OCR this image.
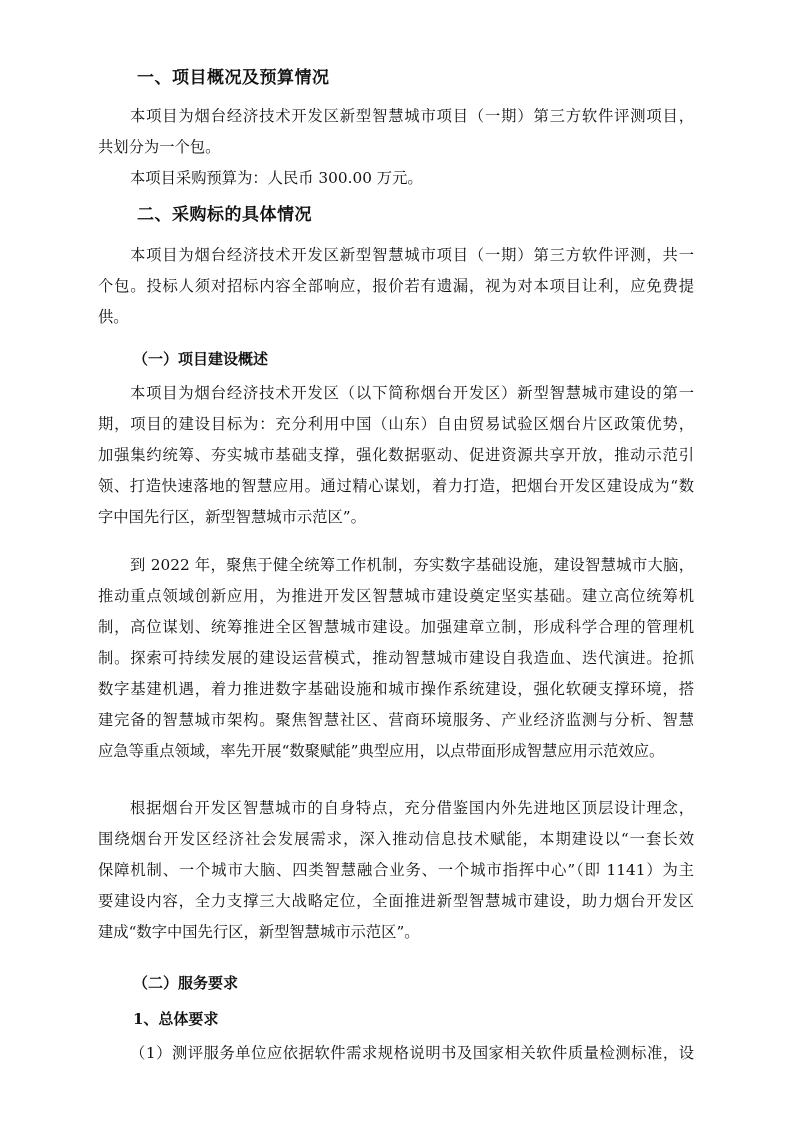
一、项目概况及预算情况
本项目为烟台经济技术开发区新型智慧城市项目（一期）第三方软件评测项目，
共划分为一个包。
本项目采购预算为：人民币 300.00 万元。
二、采购标的具体情况
本项目为烟台经济技术开发区新型智慧城市项目（一期）第三方软件评测，共一
个包。投标人须对招标内容全部响应，报价若有遗漏，视为对本项目让利，应免费提
供。
（一）项目建设概述
本项目为烟台经济技术开发区（以下简称烟台开发区）新型智慧城市建设的第一
期，项目的建设目标为：充分利用中国（山东）自由贸易试验区烟台片区政策优势，
加强集约统筹、夯实城市基础支撑，强化数据驱动、促进资源共享开放，推动示范引
领、打造快速落地的智慧应用。通过精心谋划，着力打造，把烟台开发区建设成为“数
字中国先行区，新型智慧城市示范区”。
到 2022 年，聚焦于健全统筹工作机制，夯实数字基础设施，建设智慧城市大脑，
推动重点领域创新应用，为推进开发区智慧城市建设奠定坚实基础。建立高位统筹机
制，高位谋划、统筹推进全区智慧城市建设。加强建章立制，形成科学合理的管理机
制。探索可持续发展的建设运营模式，推动智慧城市建设自我造血、迭代演进。抢抓
数字基建机遇，着力推进数字基础设施和城市操作系统建设，强化软硬支撑环境，搭
建完备的智慧城市架构。聚焦智慧社区、营商环境服务、产业经济监测与分析、智慧
应急等重点领域，率先开展“数聚赋能”典型应用，以点带面形成智慧应用示范效应。
根据烟台开发区智慧城市的自身特点，充分借鉴国内外先进地区顶层设计理念，
围绕烟台开发区经济社会发展需求，深入推动信息技术赋能，本期建设以“一套长效
保障机制、一个城市大脑、四类智慧融合业务、一个城市指挥中心”（即 1141）为主
要建设内容，全力支撑三大战略定位，全面推进新型智慧城市建设，助力烟台开发区
建成“数字中国先行区，新型智慧城市示范区”。
（二）服务要求
1、总体要求
（1）测评服务单位应依据软件需求规格说明书及国家相关软件质量检测标准，设
